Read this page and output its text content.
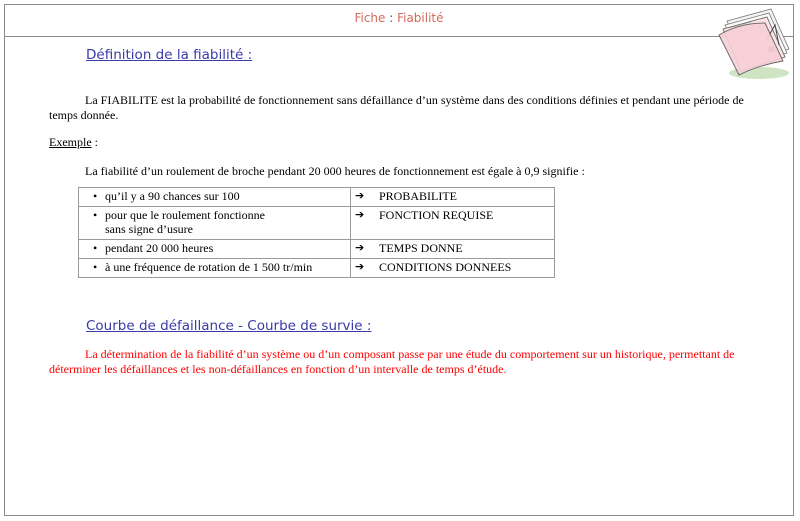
Fiche : Fiabilité
Définition de la fiabilité :
La FIABILITE est la probabilité de fonctionnement sans défaillance d’un système dans des conditions définies et pendant une période de temps donnée.
Exemple :
La fiabilité d’un roulement de broche pendant 20 000 heures de fonctionnement est égale à 0,9 signifie :
• qu’il y a 90 chances sur 100	➔ PROBABILITE

• pour que le roulement fonctionne sans signe d’usure	➔ FONCTION REQUISE

• pendant 20 000 heures	➔ TEMPS DONNE

• à une fréquence de rotation de 1 500 tr/min	➔ CONDITIONS DONNEES
Courbe de défaillance - Courbe de survie :
La détermination de la fiabilité d’un système ou d’un composant passe par une étude du comportement sur un historique, permettant de déterminer les défaillances et les non-défaillances en fonction d’un intervalle de temps d’étude.
